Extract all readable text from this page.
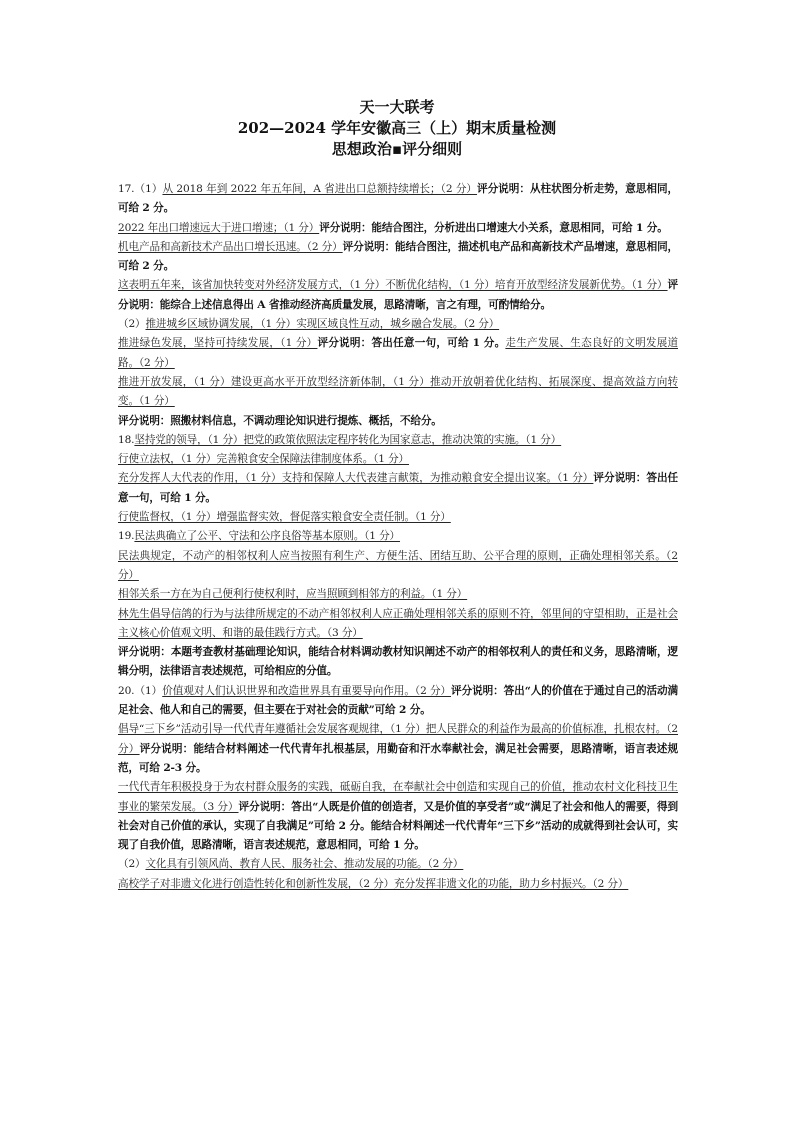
天一大联考
202—2024 学年安徽高三（上）期末质量检测
思想政治▪评分细则

17.（1）从 2018 年到 2022 年五年间，A 省进出口总额持续增长；（2 分）评分说明：从柱状图分析走势，意思相同，可给 2 分。

2022 年出口增速远大于进口增速；（1 分）评分说明：能结合图注，分析进出口增速大小关系，意思相同，可给 1 分。

机电产品和高新技术产品出口增长迅速。（2 分）评分说明：能结合图注，描述机电产品和高新技术产品增速，意思相同，可给 2 分。

这表明五年来，该省加快转变对外经济发展方式，（1 分）不断优化结构，（1 分）培育开放型经济发展新优势。（1 分）评分说明：能综合上述信息得出 A 省推动经济高质量发展，思路清晰，言之有理，可酌情给分。

（2）推进城乡区域协调发展，（1 分）实现区域良性互动，城乡融合发展。（2 分）

推进绿色发展，坚持可持续发展，（1 分）评分说明：答出任意一句，可给 1 分。走生产发展、生态良好的文明发展道路。（2 分）

推进开放发展，（1 分）建设更高水平开放型经济新体制，（1 分）推动开放朝着优化结构、拓展深度、提高效益方向转变。（1 分）

评分说明：照搬材料信息，不调动理论知识进行提炼、概括，不给分。

18.坚持党的领导，（1 分）把党的政策依照法定程序转化为国家意志，推动决策的实施。（1 分）

行使立法权，（1 分）完善粮食安全保障法律制度体系。（1 分）

充分发挥人大代表的作用，（1 分）支持和保障人大代表建言献策，为推动粮食安全提出议案。（1 分）评分说明：答出任意一句，可给 1 分。

行使监督权，（1 分）增强监督实效，督促落实粮食安全责任制。（1 分）

19.民法典确立了公平、守法和公序良俗等基本原则。（1 分）

民法典规定，不动产的相邻权利人应当按照有利生产、方便生活、团结互助、公平合理的原则，正确处理相邻关系。（2 分）

相邻关系一方在为自己便利行使权利时，应当照顾到相邻方的利益。（1 分）

林先生倡导信鸽的行为与法律所规定的不动产相邻权利人应正确处理相邻关系的原则不符，邻里间的守望相助，正是社会主义核心价值观文明、和谐的最佳践行方式。（3 分）

评分说明：本题考查教材基础理论知识，能结合材料调动教材知识阐述不动产的相邻权利人的责任和义务，思路清晰，逻辑分明，法律语言表述规范，可给相应的分值。

20.（1）价值观对人们认识世界和改造世界具有重要导向作用。（2 分）评分说明：答出“人的价值在于通过自己的活动满足社会、他人和自己的需要，但主要在于对社会的贡献”可给 2 分。

倡导“三下乡”活动引导一代代青年遵循社会发展客观规律，（1 分）把人民群众的利益作为最高的价值标准，扎根农村。（2 分）评分说明：能结合材料阐述一代代青年扎根基层，用勤奋和汗水奉献社会，满足社会需要，思路清晰，语言表述规范，可给 2-3 分。

一代代青年积极投身于为农村群众服务的实践，砥砺自我，在奉献社会中创造和实现自己的价值，推动农村文化科技卫生事业的繁荣发展。（3 分）评分说明：答出“人既是价值的创造者，又是价值的享受者”或“满足了社会和他人的需要，得到社会对自己价值的承认，实现了自我满足”可给 2 分。能结合材料阐述一代代青年“三下乡”活动的成就得到社会认可，实现了自我价值，思路清晰，语言表述规范，意思相同，可给 1 分。

（2）文化具有引领风尚、教育人民、服务社会、推动发展的功能。（2 分）

高校学子对非遗文化进行创造性转化和创新性发展，（2 分）充分发挥非遗文化的功能，助力乡村振兴。（2 分）
